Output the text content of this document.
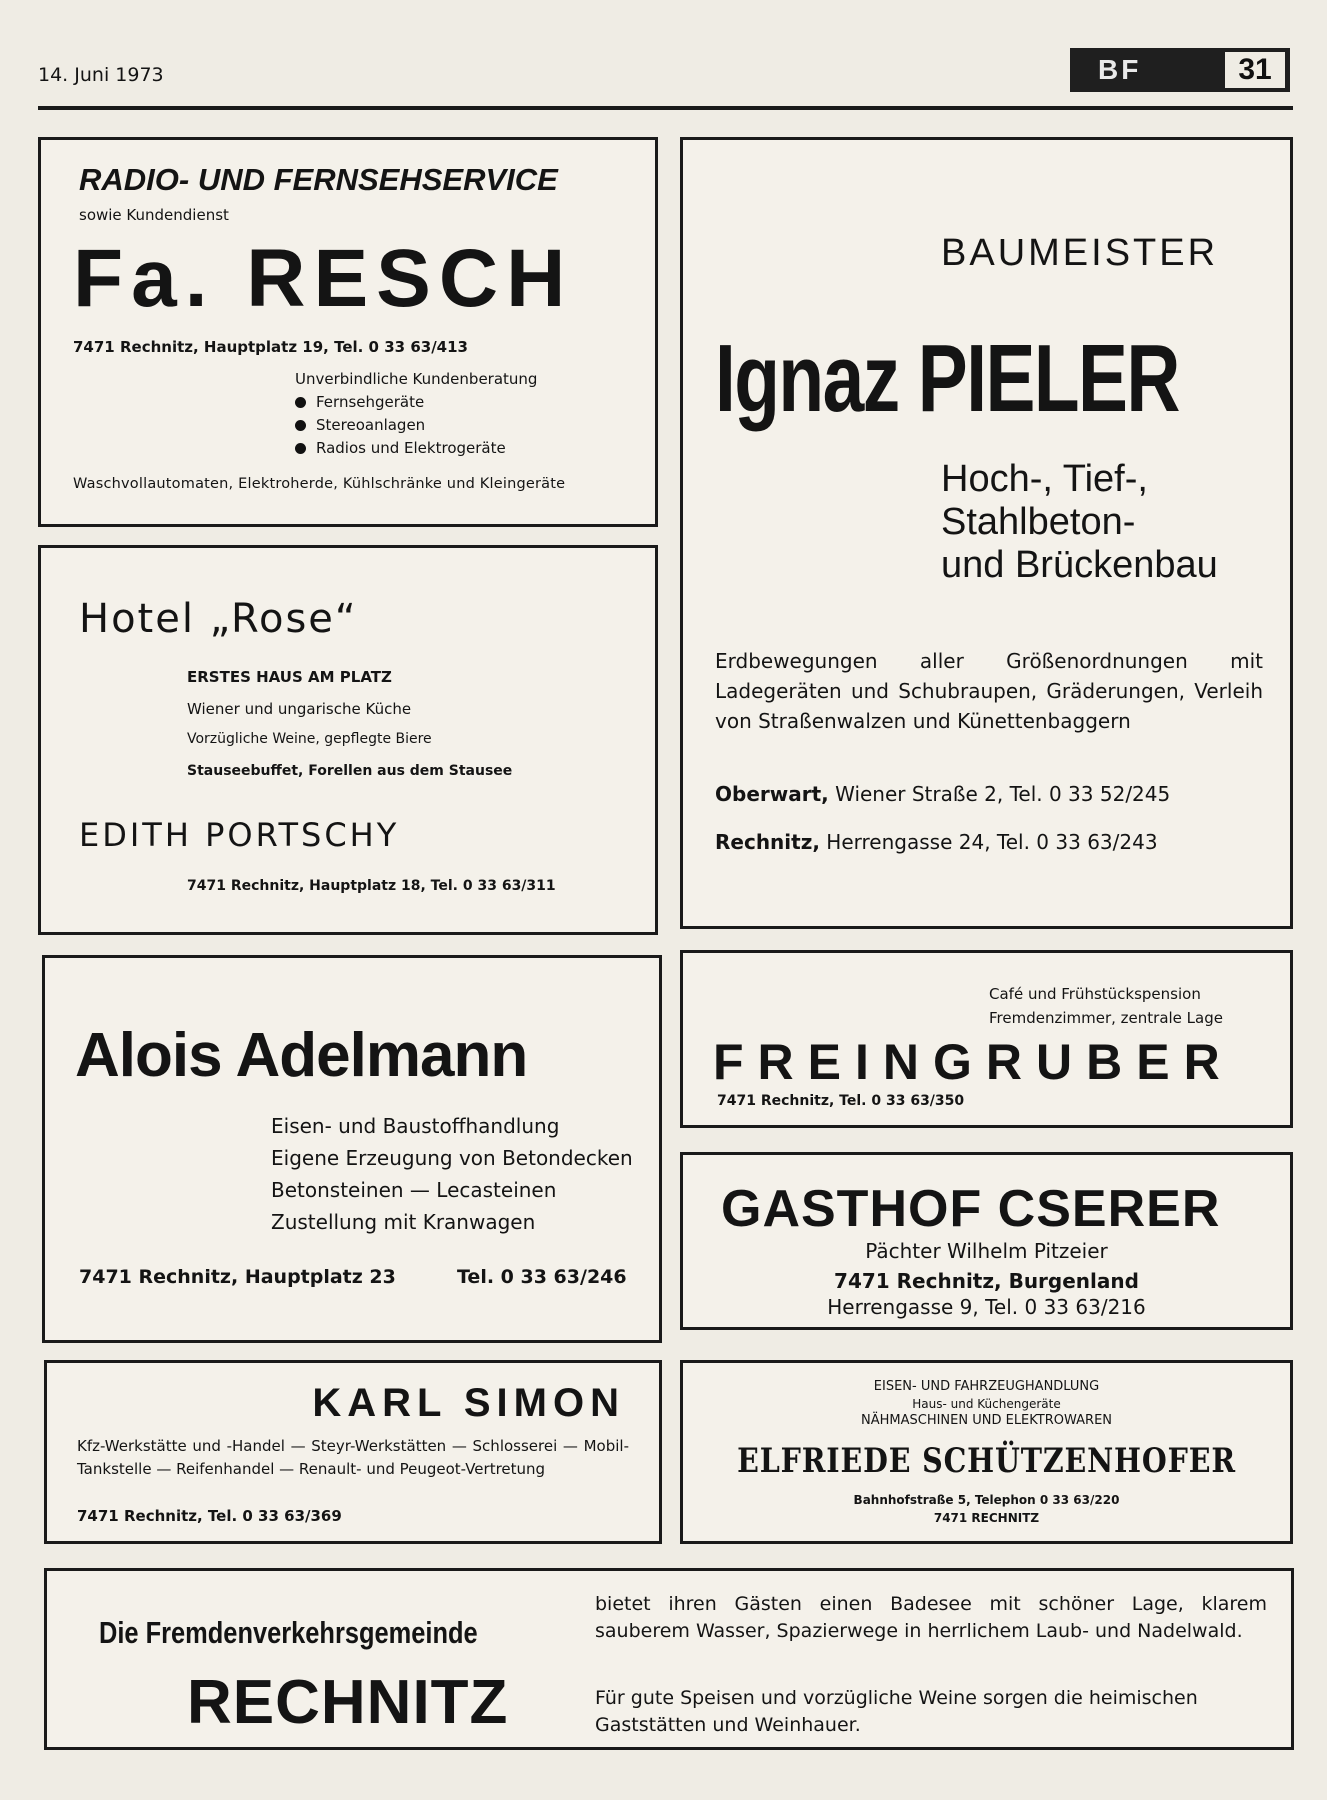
14. Juni 1973	BF	31
RADIO- UND FERNSEHSERVICE
sowie Kundendienst
Fa. RESCH
7471 Rechnitz, Hauptplatz 19, Tel. 0 33 63/413
Unverbindliche Kundenberatung
Fernsehgeräte
Stereoanlagen
Radios und Elektrogeräte
Waschvollautomaten, Elektroherde, Kühlschränke und Kleingeräte
Hotel „Rose“
ERSTES HAUS AM PLATZ
Wiener und ungarische Küche
Vorzügliche Weine, gepflegte Biere
Stauseebuffet, Forellen aus dem Stausee
EDITH PORTSCHY
7471 Rechnitz, Hauptplatz 18, Tel. 0 33 63/311
BAUMEISTER
Ignaz PIELER
Hoch-, Tief-,
Stahlbeton-
und Brückenbau
Erdbewegungen aller Größenordnungen mit Ladegeräten und Schubraupen, Gräderungen, Verleih von Straßenwalzen und Künettenbaggern
Oberwart, Wiener Straße 2, Tel. 0 33 52/245
Rechnitz, Herrengasse 24, Tel. 0 33 63/243
Alois Adelmann
Eisen- und Baustoffhandlung
Eigene Erzeugung von Betondecken
Betonsteinen — Lecasteinen
Zustellung mit Kranwagen
7471 Rechnitz, Hauptplatz 23	Tel. 0 33 63/246
Café und Frühstückspension
Fremdenzimmer, zentrale Lage
FREINGRUBER
7471 Rechnitz, Tel. 0 33 63/350
GASTHOF CSERER
Pächter Wilhelm Pitzeier
7471 Rechnitz, Burgenland
Herrengasse 9, Tel. 0 33 63/216
KARL SIMON
Kfz-Werkstätte und -Handel — Steyr-Werkstätten — Schlosserei — Mobil-Tankstelle — Reifenhandel — Renault- und Peugeot-Vertretung
7471 Rechnitz, Tel. 0 33 63/369
EISEN- UND FAHRZEUGHANDLUNG
Haus- und Küchengeräte
NÄHMASCHINEN UND ELEKTROWAREN
ELFRIEDE SCHÜTZENHOFER
Bahnhofstraße 5, Telephon 0 33 63/220
7471 RECHNITZ
Die Fremdenverkehrsgemeinde
RECHNITZ
bietet ihren Gästen einen Badesee mit schöner Lage, klarem sauberem Wasser, Spazierwege in herrlichem Laub- und Nadelwald.
Für gute Speisen und vorzügliche Weine sorgen die heimischen Gaststätten und Weinhauer.
